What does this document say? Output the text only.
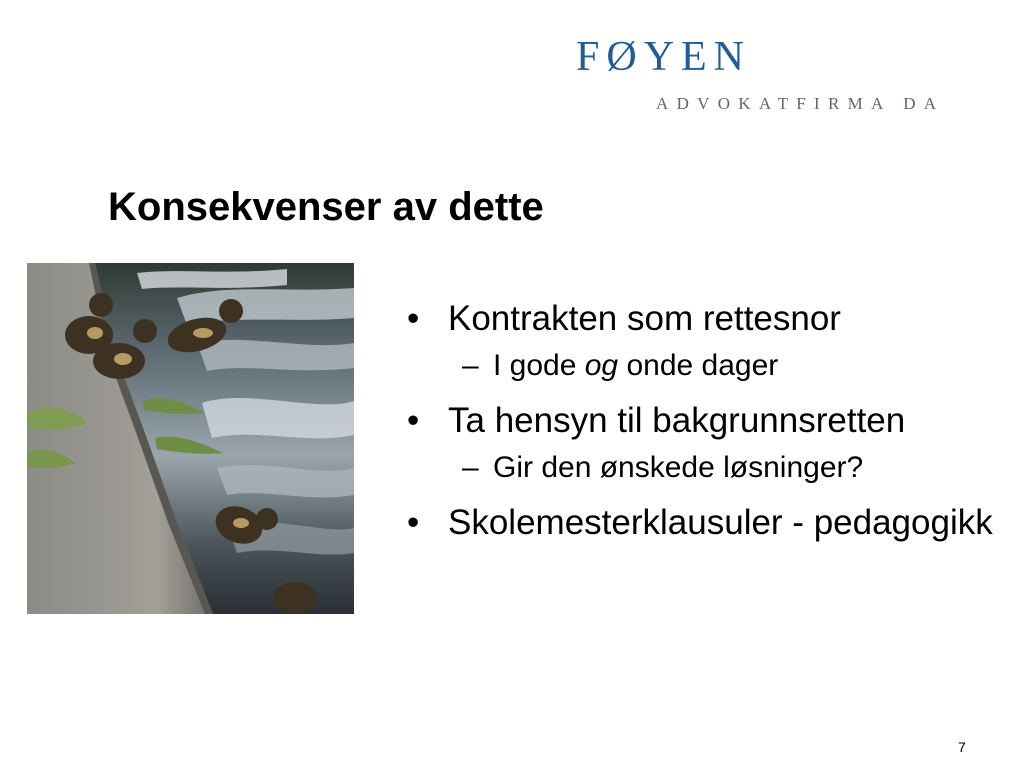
FØYEN
ADVOKATFIRMA DA
Konsekvenser av dette
• Kontrakten som rettesnor
– I gode og onde dager
• Ta hensyn til bakgrunnsretten
– Gir den ønskede løsninger?
• Skolemesterklausuler - pedagogikk
7
